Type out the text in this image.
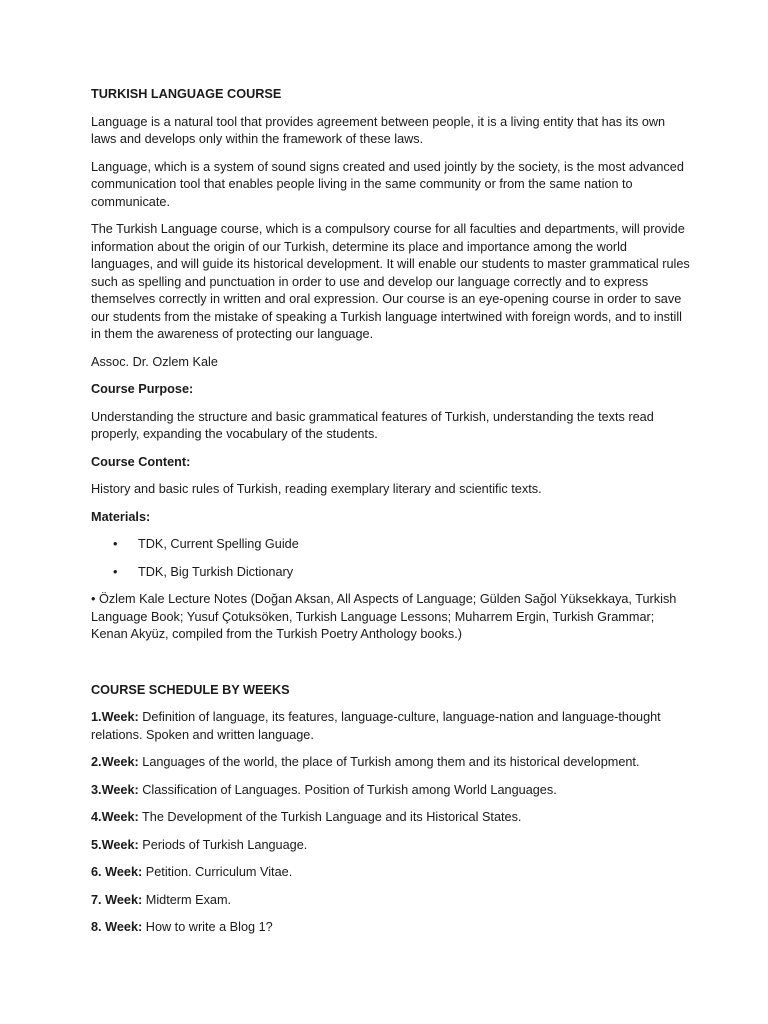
TURKISH LANGUAGE COURSE

Language is a natural tool that provides agreement between people, it is a living entity that has its own laws and develops only within the framework of these laws.

Language, which is a system of sound signs created and used jointly by the society, is the most advanced communication tool that enables people living in the same community or from the same nation to communicate.

The Turkish Language course, which is a compulsory course for all faculties and departments, will provide information about the origin of our Turkish, determine its place and importance among the world languages, and will guide its historical development. It will enable our students to master grammatical rules such as spelling and punctuation in order to use and develop our language correctly and to express themselves correctly in written and oral expression. Our course is an eye-opening course in order to save our students from the mistake of speaking a Turkish language intertwined with foreign words, and to instill in them the awareness of protecting our language.

Assoc. Dr. Ozlem Kale

Course Purpose:

Understanding the structure and basic grammatical features of Turkish, understanding the texts read properly, expanding the vocabulary of the students.

Course Content:

History and basic rules of Turkish, reading exemplary literary and scientific texts.

Materials:

• TDK, Current Spelling Guide
• TDK, Big Turkish Dictionary

• Özlem Kale Lecture Notes (Doğan Aksan, All Aspects of Language; Gülden Sağol Yüksekkaya, Turkish Language Book; Yusuf Çotuksöken, Turkish Language Lessons; Muharrem Ergin, Turkish Grammar; Kenan Akyüz, compiled from the Turkish Poetry Anthology books.)

COURSE SCHEDULE BY WEEKS

1.Week: Definition of language, its features, language-culture, language-nation and language-thought relations. Spoken and written language.

2.Week: Languages of the world, the place of Turkish among them and its historical development.

3.Week: Classification of Languages. Position of Turkish among World Languages.

4.Week: The Development of the Turkish Language and its Historical States.

5.Week: Periods of Turkish Language.

6. Week: Petition. Curriculum Vitae.

7. Week: Midterm Exam.

8. Week: How to write a Blog 1?
